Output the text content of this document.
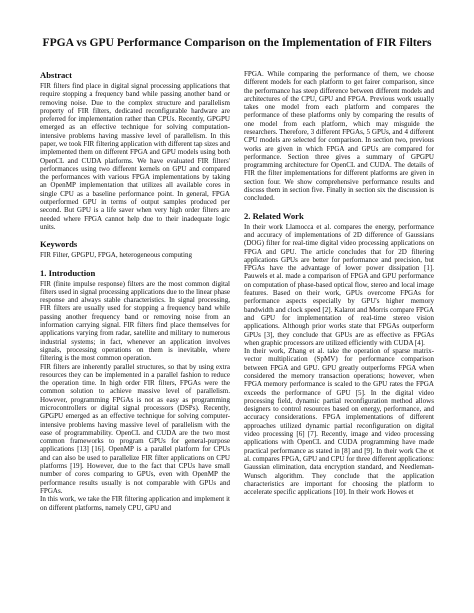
FPGA vs GPU Performance Comparison on the Implementation of FIR Filters
Abstract

FIR filters find place in digital signal processing applications that require stopping a frequency band while passing another band or removing noise. Due to the complex structure and parallelism property of FIR filters, dedicated reconfigurable hardware are preferred for implementation rather than CPUs. Recently, GPGPU emerged as an effective technique for solving computation-intensive problems having massive level of parallelism. In this paper, we took FIR filtering application with different tap sizes and implemented them on different FPGA and GPU models using both OpenCL and CUDA platforms. We have evaluated FIR filters' performances using two different kernels on GPU and compared the performances with various FPGA implementations by taking an OpenMP implementation that utilizes all available cores in single CPU as a baseline performance point. In general, FPGA outperformed GPU in terms of output samples produced per second. But GPU is a life saver when very high order filters are needed where FPGA cannot help due to their inadequate logic units.

Keywords

FIR Filter, GPGPU, FPGA, heterogeneous computing

1. Introduction

FIR (finite impulse response) filters are the most common digital filters used in signal processing applications due to the linear phase response and always stable characteristics. In signal processing, FIR filters are usually used for stopping a frequency band while passing another frequency band or removing noise from an information carrying signal. FIR filters find place themselves for applications varying from radar, satellite and military to numerous industrial systems; in fact, whenever an application involves signals, processing operations on them is inevitable, where filtering is the most common operation.

FIR filters are inherently parallel structures, so that by using extra resources they can be implemented in a parallel fashion to reduce the operation time. In high order FIR filters, FPGAs were the common solution to achieve massive level of parallelism. However, programming FPGAs is not as easy as programming microcontrollers or digital signal processors (DSPs). Recently, GPGPU emerged as an effective technique for solving computer-intensive problems having massive level of parallelism with the ease of programmability. OpenCL and CUDA are the two most common frameworks to program GPUs for general-purpose applications [13] [16]. OpenMP is a parallel platform for CPUs and can also be used to parallelize FIR filter applications on CPU platforms [19]. However, due to the fact that CPUs have small number of cores comparing to GPUs, even with OpenMP the performance results usually is not comparable with GPUs and FPGAs.

In this work, we take the FIR filtering application and implement it on different platforms, namely CPU, GPU and

FPGA. While comparing the performance of them, we choose different models for each platform to get fairer comparison, since the performance has steep difference between different models and architectures of the CPU, GPU and FPGA. Previous work usually takes one model from each platform and compares the performance of these platforms only by comparing the results of one model from each platform, which may misguide the researchers. Therefore, 3 different FPGAs, 5 GPUs, and 4 different CPU models are selected for comparison. In section two, previous works are given in which FPGA and GPUs are compared for performance. Section three gives a summary of GPGPU programming architecture for OpenCL and CUDA. The details of FIR the filter implementations for different platforms are given in section four. We show comprehensive performance results and discuss them in section five. Finally in section six the discussion is concluded.

2. Related Work

In their work Llamocca et al. compares the energy, performance and accuracy of implementations of 2D difference of Gaussians (DOG) filter for real-time digital video processing applications on FPGA and GPU. The article concludes that for 2D filtering applications GPUs are better for performance and precision, but FPGAs have the advantage of lower power dissipation [1]. Pauwels et al. made a comparison of FPGA and GPU performance on computation of phase-based optical flow, stereo and local image features. Based on their work, GPUs overcome FPGAs for performance aspects especially by GPU's higher memory bandwidth and clock speed [2]. Kalarot and Morris compare FPGA and GPU for implementation of real-time stereo vision applications. Although prior works state that FPGAs outperform GPUs [3], they conclude that GPUs are as effective as FPGAs when graphic processors are utilized efficiently with CUDA [4].

In their work, Zhang et al. take the operation of sparse matrix-vector multiplication (SpMV) for performance comparison between FPGA and GPU. GPU greatly outperforms FPGA when considered the memory transaction operations; however, when FPGA memory performance is scaled to the GPU rates the FPGA exceeds the performance of GPU [5]. In the digital video processing field, dynamic partial reconfiguration method allows designers to control resources based on energy, performance, and accuracy considerations. FPGA implementations of different approaches utilized dynamic partial reconfiguration on digital video processing [6] [7]. Recently, image and video processing applications with OpenCL and CUDA programming have made practical performance as stated in [8] and [9]. In their work Che et al. compares FPGA, GPU and CPU for three different applications: Gaussian elimination, data encryption standard, and Needleman-Wunsch algorithm. They conclude that the application characteristics are important for choosing the platform to accelerate specific applications [10]. In their work Howes et
